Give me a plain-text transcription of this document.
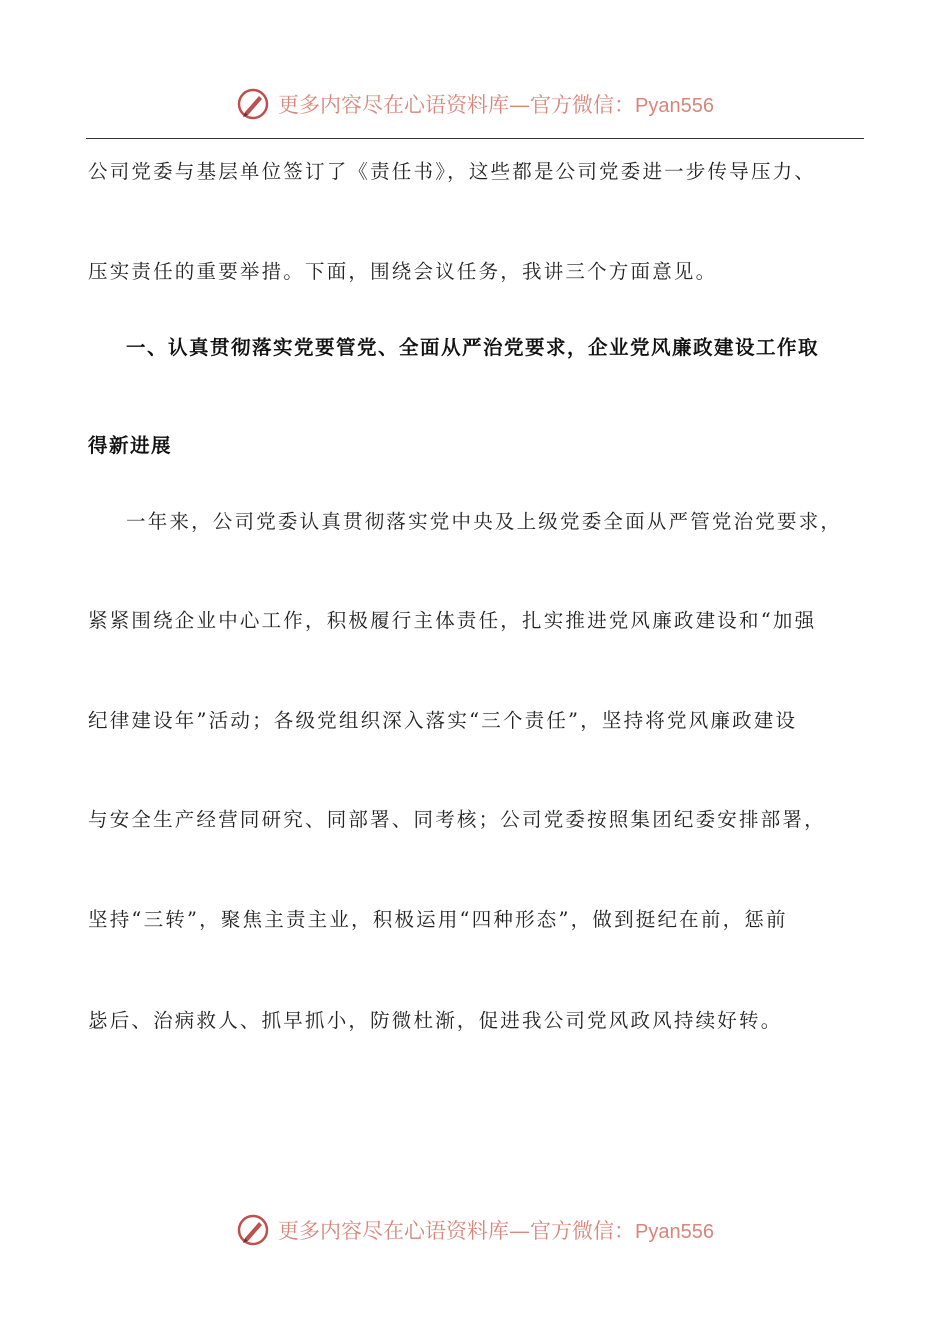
更多内容尽在心语资料库—官方微信：Pyan556
公司党委与基层单位签订了《责任书》，这些都是公司党委进一步传导压力、
压实责任的重要举措。下面，围绕会议任务，我讲三个方面意见。
一、认真贯彻落实党要管党、全面从严治党要求，企业党风廉政建设工作取
得新进展
一年来，公司党委认真贯彻落实党中央及上级党委全面从严管党治党要求，
紧紧围绕企业中心工作，积极履行主体责任，扎实推进党风廉政建设和“加强
纪律建设年”活动；各级党组织深入落实“三个责任”，坚持将党风廉政建设
与安全生产经营同研究、同部署、同考核；公司党委按照集团纪委安排部署，
坚持“三转”，聚焦主责主业，积极运用“四种形态”，做到挺纪在前，惩前
毖后、治病救人、抓早抓小，防微杜渐，促进我公司党风政风持续好转。
更多内容尽在心语资料库—官方微信：Pyan556
